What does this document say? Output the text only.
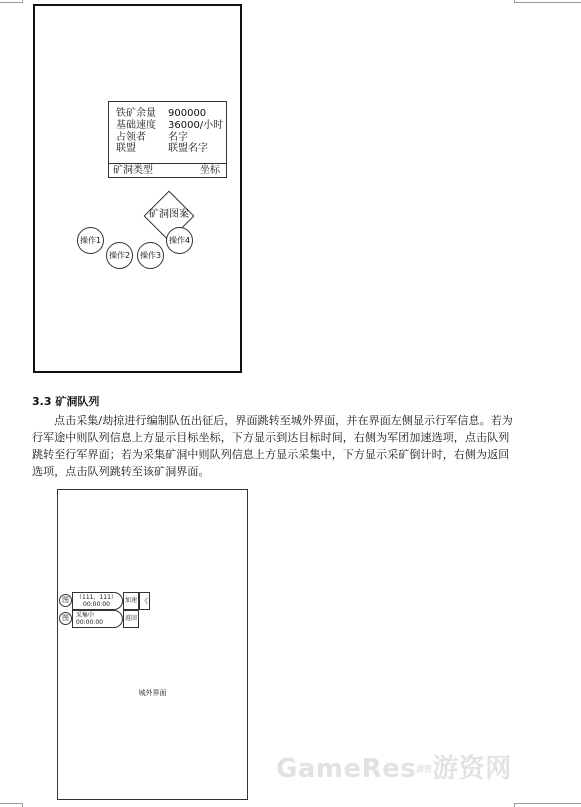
铁矿余量 900000
基础速度 36000/小时
占领者 名字
联盟	联盟名字
矿洞类型	坐标
矿洞图案
操作1
操作2	操作3
操作4
3.3 矿洞队列

点击采集/劫掠进行编制队伍出征后，界面跳转至城外界面，并在界面左侧显示行军信息。若为行军途中则队列信息上方显示目标坐标，下方显示到达目标时间，右侧为军团加速选项，点击队列跳转至行军界面；若为采集矿洞中则队列信息上方显示采集中，下方显示采矿倒计时，右侧为返回选项，点击队列跳转至该矿洞界面。

图	（111，111）
00:00:00
加速 《
图	采集中
00:00:00
返回
城外界面
GameRes游资游资网
